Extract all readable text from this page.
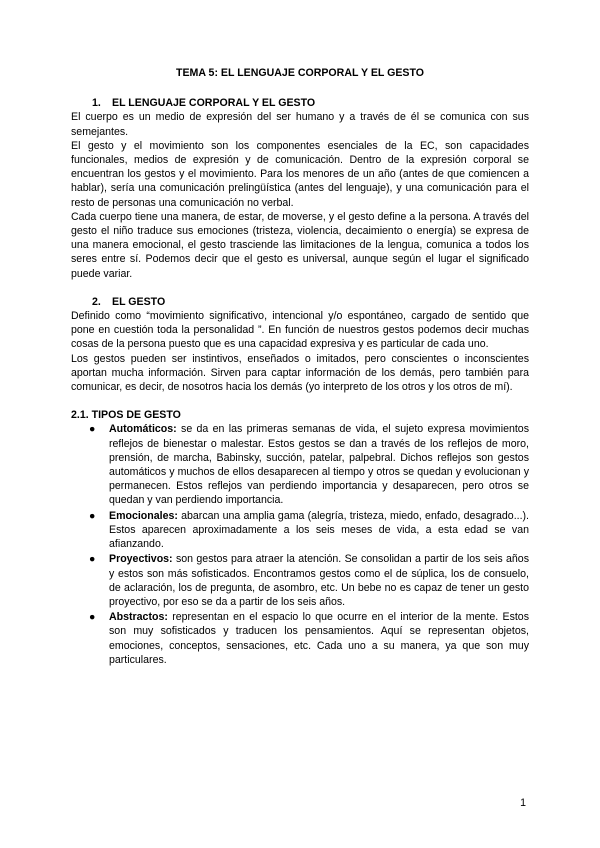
TEMA 5: EL LENGUAJE CORPORAL Y EL GESTO
1. EL LENGUAJE CORPORAL Y EL GESTO

El cuerpo es un medio de expresión del ser humano y a través de él se comunica con sus semejantes.

El gesto y el movimiento son los componentes esenciales de la EC, son capacidades funcionales, medios de expresión y de comunicación. Dentro de la expresión corporal se encuentran los gestos y el movimiento. Para los menores de un año (antes de que comiencen a hablar), sería una comunicación prelingüística (antes del lenguaje), y una comunicación para el resto de personas una comunicación no verbal.

Cada cuerpo tiene una manera, de estar, de moverse, y el gesto define a la persona. A través del gesto el niño traduce sus emociones (tristeza, violencia, decaimiento o energía) se expresa de una manera emocional, el gesto trasciende las limitaciones de la lengua, comunica a todos los seres entre sí. Podemos decir que el gesto es universal, aunque según el lugar el significado puede variar.

2. EL GESTO

Definido como “movimiento significativo, intencional y/o espontáneo, cargado de sentido que pone en cuestión toda la personalidad ”. En función de nuestros gestos podemos decir muchas cosas de la persona puesto que es una capacidad expresiva y es particular de cada uno.

Los gestos pueden ser instintivos, enseñados o imitados, pero conscientes o inconscientes aportan mucha información. Sirven para captar información de los demás, pero también para comunicar, es decir, de nosotros hacia los demás (yo interpreto de los otros y los otros de mí).

2.1. TIPOS DE GESTO
● Automáticos: se da en las primeras semanas de vida, el sujeto expresa movimientos reflejos de bienestar o malestar. Estos gestos se dan a través de los reflejos de moro, prensión, de marcha, Babinsky, succión, patelar, palpebral. Dichos reflejos son gestos automáticos y muchos de ellos desaparecen al tiempo y otros se quedan y evolucionan y permanecen. Estos reflejos van perdiendo importancia y desaparecen, pero otros se quedan y van perdiendo importancia.
● Emocionales: abarcan una amplia gama (alegría, tristeza, miedo, enfado, desagrado...). Estos aparecen aproximadamente a los seis meses de vida, a esta edad se van afianzando.
● Proyectivos: son gestos para atraer la atención. Se consolidan a partir de los seis años y estos son más sofisticados. Encontramos gestos como el de súplica, los de consuelo, de aclaración, los de pregunta, de asombro, etc. Un bebe no es capaz de tener un gesto proyectivo, por eso se da a partir de los seis años.
● Abstractos: representan en el espacio lo que ocurre en el interior de la mente. Estos son muy sofisticados y traducen los pensamientos. Aquí se representan objetos, emociones, conceptos, sensaciones, etc. Cada uno a su manera, ya que son muy particulares.
1
